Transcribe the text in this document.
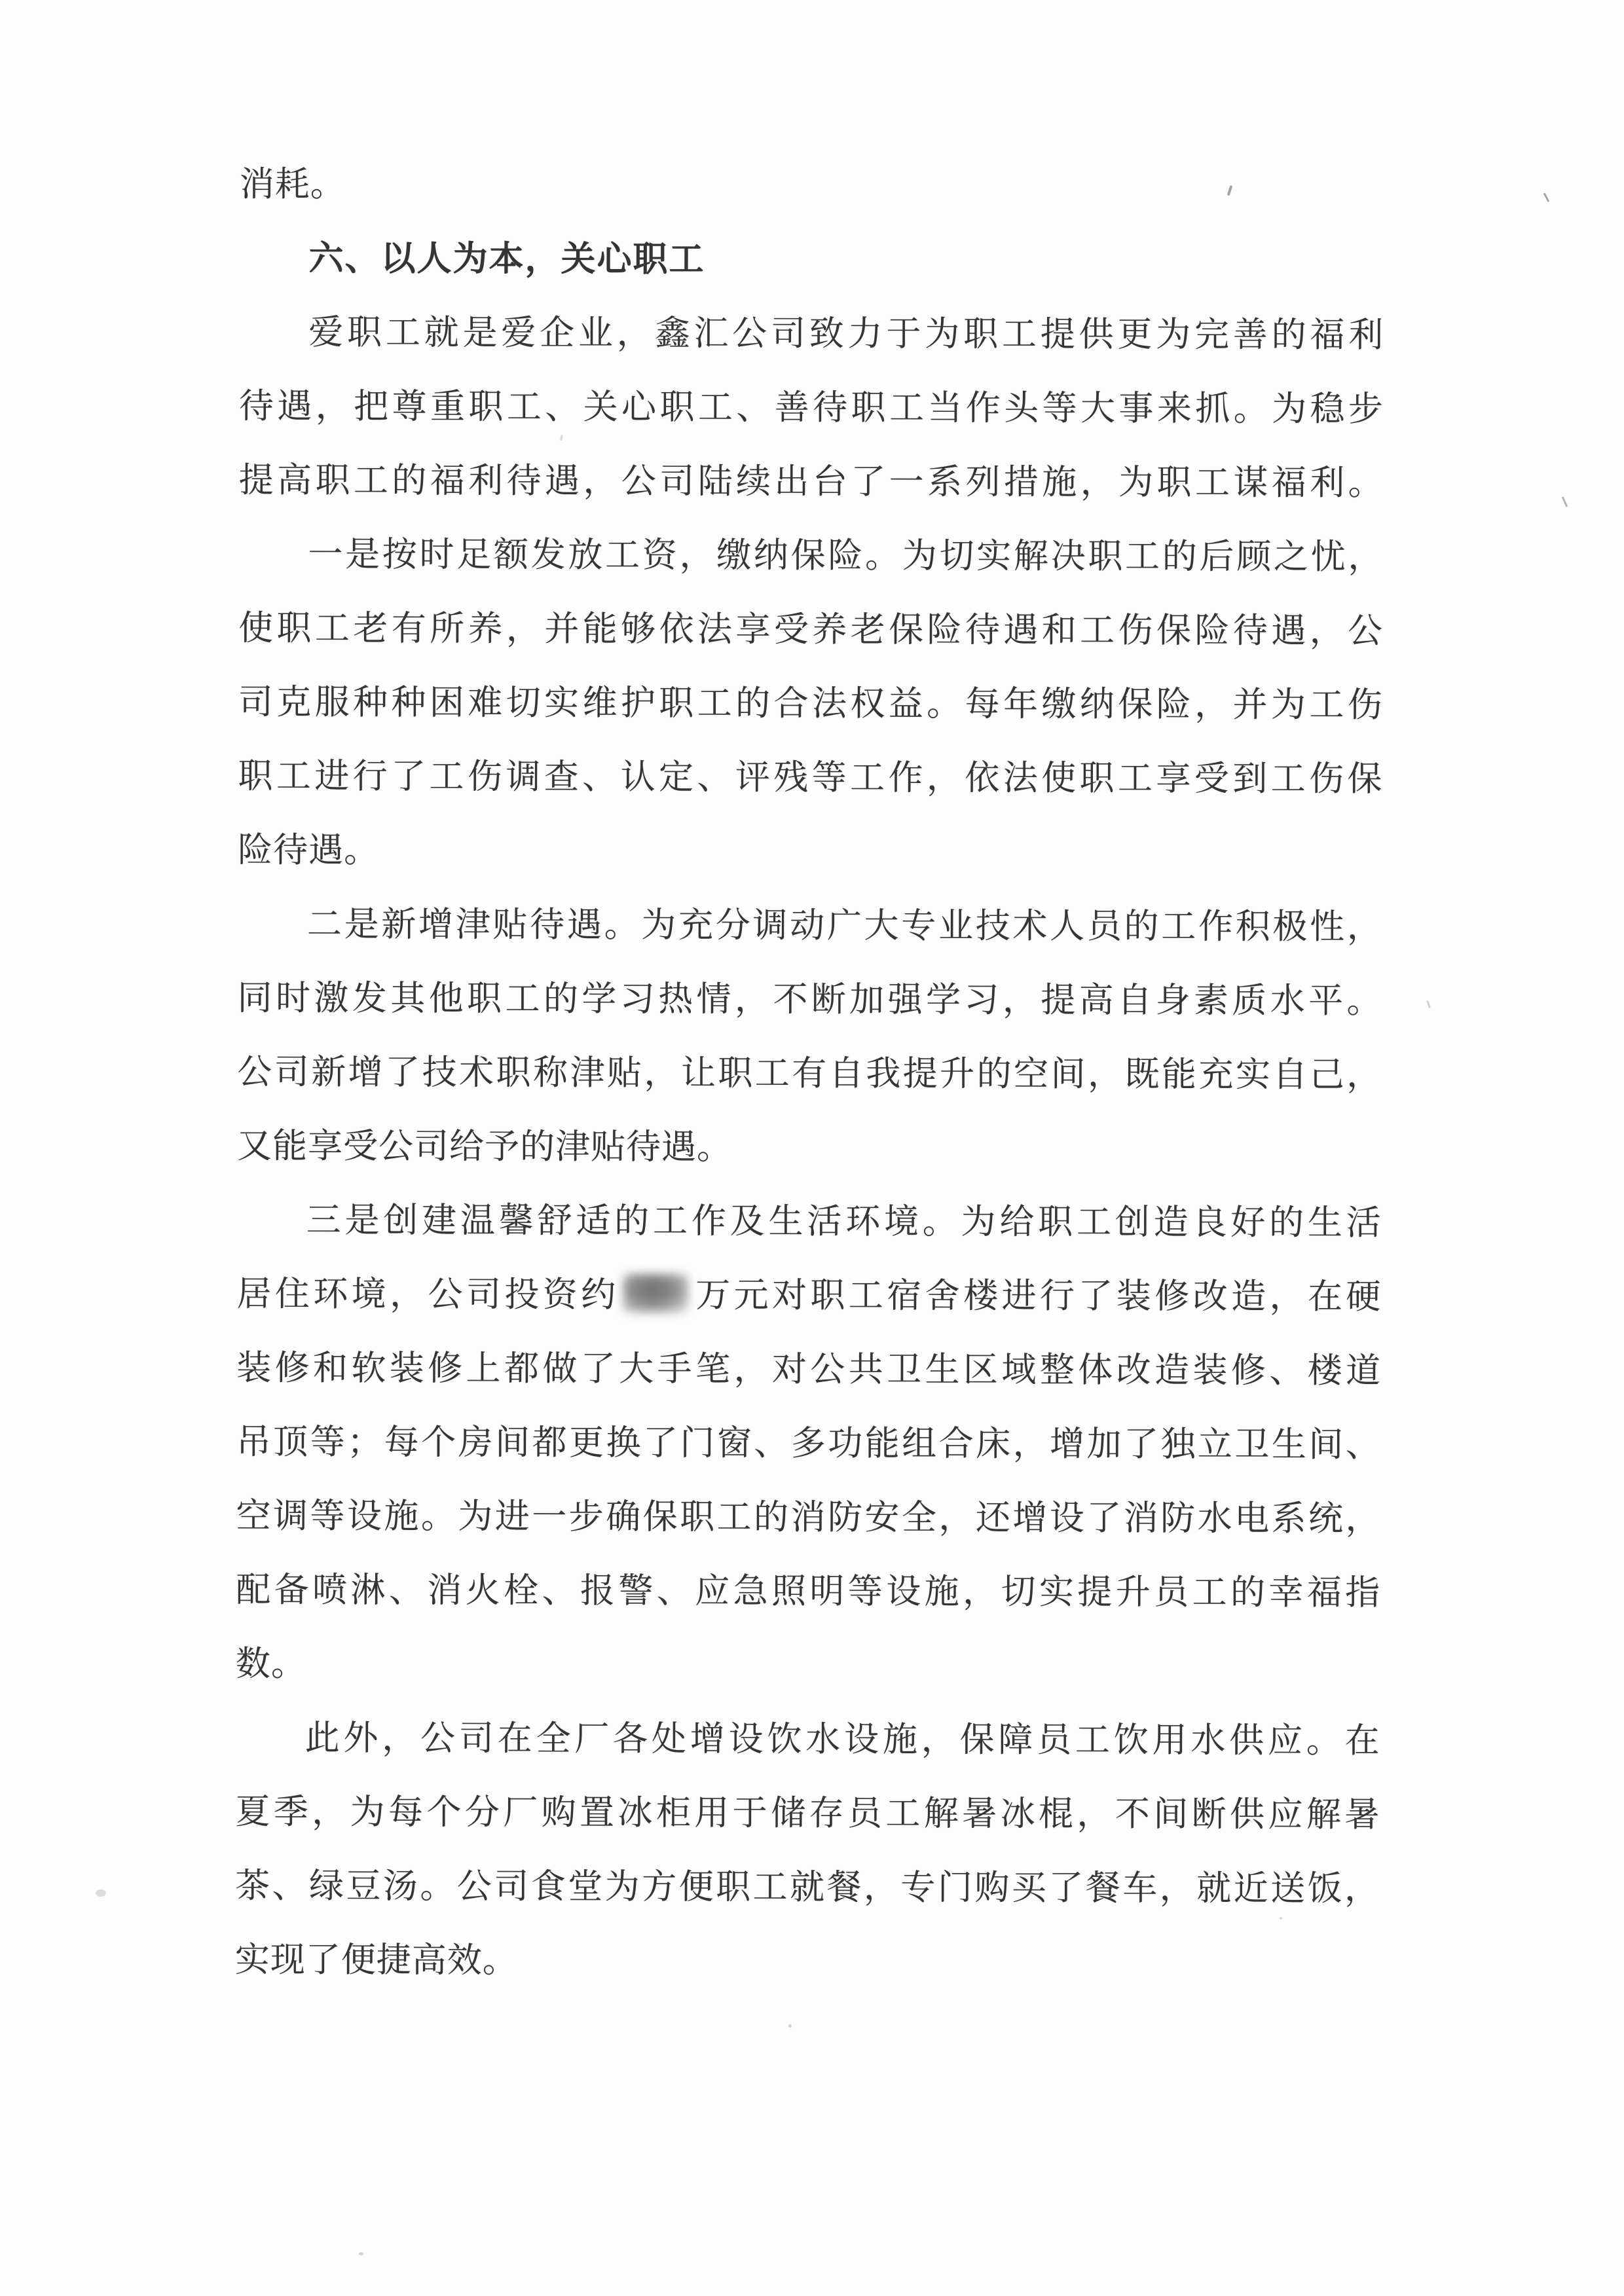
消耗。
六、以人为本，关心职工
爱职工就是爱企业，鑫汇公司致力于为职工提供更为完善的福利
待遇，把尊重职工、关心职工、善待职工当作头等大事来抓。为稳步
提高职工的福利待遇，公司陆续出台了一系列措施，为职工谋福利。
一是按时足额发放工资，缴纳保险。为切实解决职工的后顾之忧，
使职工老有所养，并能够依法享受养老保险待遇和工伤保险待遇，公
司克服种种困难切实维护职工的合法权益。每年缴纳保险，并为工伤
职工进行了工伤调查、认定、评残等工作，依法使职工享受到工伤保
险待遇。
二是新增津贴待遇。为充分调动广大专业技术人员的工作积极性，
同时激发其他职工的学习热情，不断加强学习，提高自身素质水平。
公司新增了技术职称津贴，让职工有自我提升的空间，既能充实自己，
又能享受公司给予的津贴待遇。
三是创建温馨舒适的工作及生活环境。为给职工创造良好的生活
居住环境，公司投资约 万元对职工宿舍楼进行了装修改造，在硬
装修和软装修上都做了大手笔，对公共卫生区域整体改造装修、楼道
吊顶等；每个房间都更换了门窗、多功能组合床，增加了独立卫生间、
空调等设施。为进一步确保职工的消防安全，还增设了消防水电系统，
配备喷淋、消火栓、报警、应急照明等设施，切实提升员工的幸福指
数。
此外，公司在全厂各处增设饮水设施，保障员工饮用水供应。在
夏季，为每个分厂购置冰柜用于储存员工解暑冰棍，不间断供应解暑
茶、绿豆汤。公司食堂为方便职工就餐，专门购买了餐车，就近送饭，
实现了便捷高效。
